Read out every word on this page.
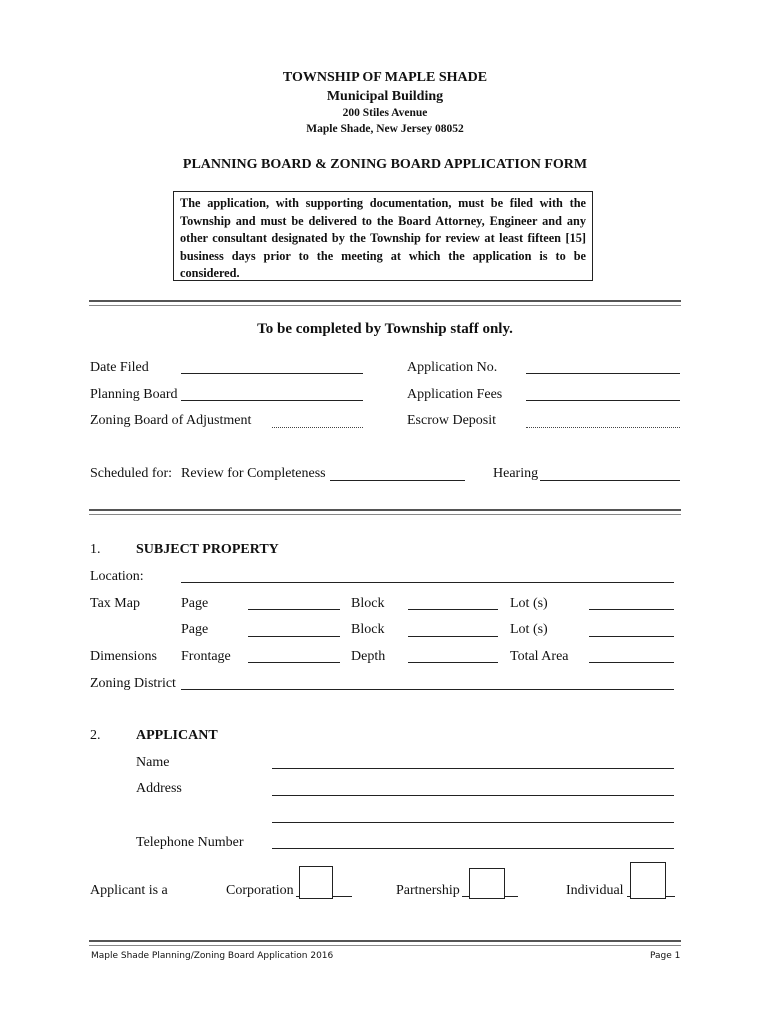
TOWNSHIP OF MAPLE SHADE
Municipal Building
200 Stiles Avenue
Maple Shade, New Jersey 08052
PLANNING BOARD & ZONING BOARD APPLICATION FORM
The application, with supporting documentation, must be filed with the Township and must be delivered to the Board Attorney, Engineer and any other consultant designated by the Township for review at least fifteen [15] business days prior to the meeting at which the application is to be considered.
To be completed by Township staff only.
Date Filed	Application No.
Planning Board	Application Fees
Zoning Board of Adjustment	Escrow Deposit
Scheduled for: Review for Completeness	Hearing
1.	SUBJECT PROPERTY
Location:
Tax Map	Page	Block	Lot (s)
Page	Block	Lot (s)
Dimensions Frontage	Depth	Total Area
Zoning District
2.	APPLICANT
Name
Address
Telephone Number
Applicant is a	Corporation	Partnership	Individual
Maple Shade Planning/Zoning Board Application 2016	Page 1
